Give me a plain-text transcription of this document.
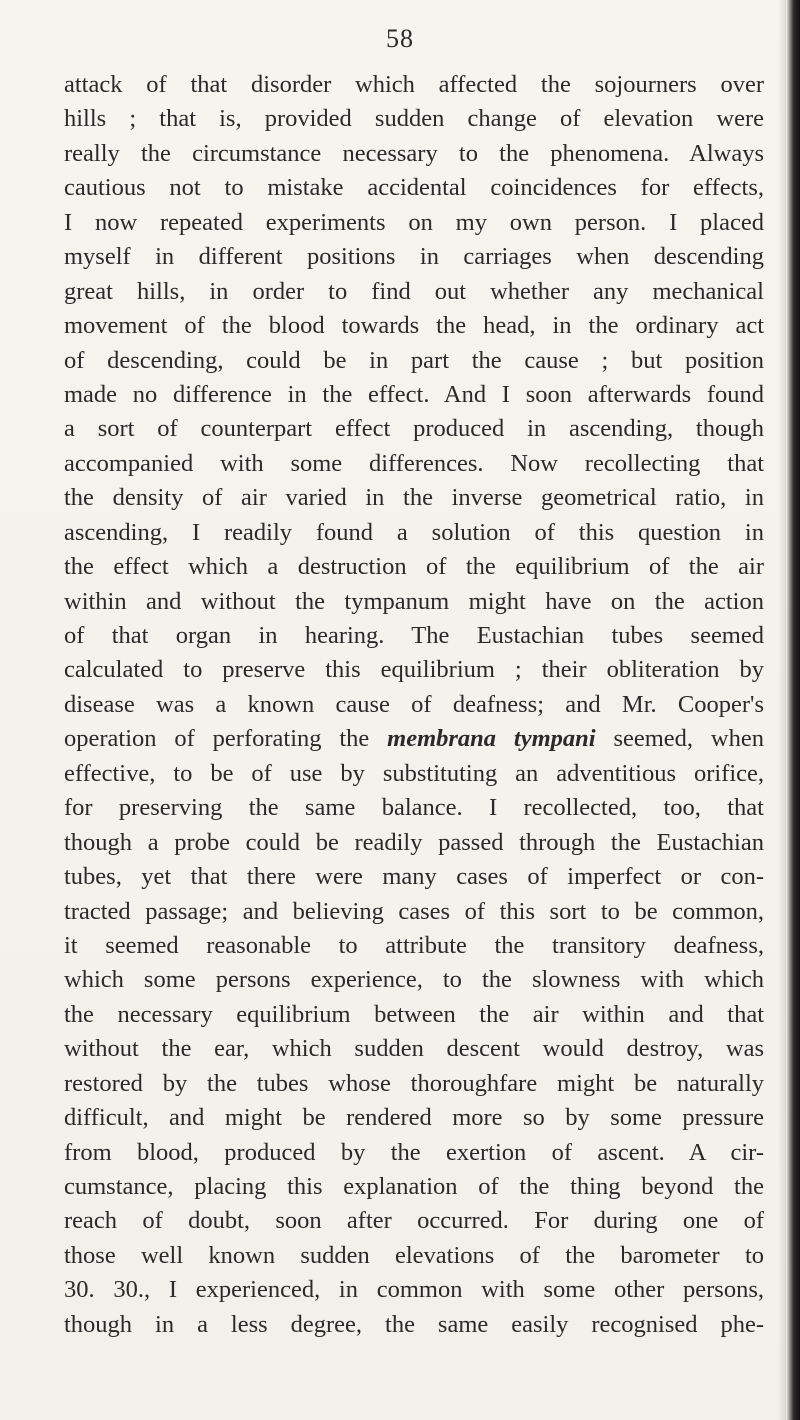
58
attack of that disorder which affected the sojourners over
hills ; that is, provided sudden change of elevation were
really the circumstance necessary to the phenomena. Always
cautious not to mistake accidental coincidences for effects,
I now repeated experiments on my own person. I placed
myself in different positions in carriages when descending
great hills, in order to find out whether any mechanical
movement of the blood towards the head, in the ordinary act
of descending, could be in part the cause ; but position
made no difference in the effect. And I soon afterwards found
a sort of counterpart effect produced in ascending, though
accompanied with some differences. Now recollecting that
the density of air varied in the inverse geometrical ratio, in
ascending, I readily found a solution of this question in
the effect which a destruction of the equilibrium of the air
within and without the tympanum might have on the action
of that organ in hearing. The Eustachian tubes seemed
calculated to preserve this equilibrium ; their obliteration by
disease was a known cause of deafness; and Mr. Cooper's
operation of perforating the membrana tympani seemed, when
effective, to be of use by substituting an adventitious orifice,
for preserving the same balance. I recollected, too, that
though a probe could be readily passed through the Eustachian
tubes, yet that there were many cases of imperfect or con-
tracted passage; and believing cases of this sort to be common,
it seemed reasonable to attribute the transitory deafness,
which some persons experience, to the slowness with which
the necessary equilibrium between the air within and that
without the ear, which sudden descent would destroy, was
restored by the tubes whose thoroughfare might be naturally
difficult, and might be rendered more so by some pressure
from blood, produced by the exertion of ascent. A cir-
cumstance, placing this explanation of the thing beyond the
reach of doubt, soon after occurred. For during one of
those well known sudden elevations of the barometer to
30. 30., I experienced, in common with some other persons,
though in a less degree, the same easily recognised phe-
